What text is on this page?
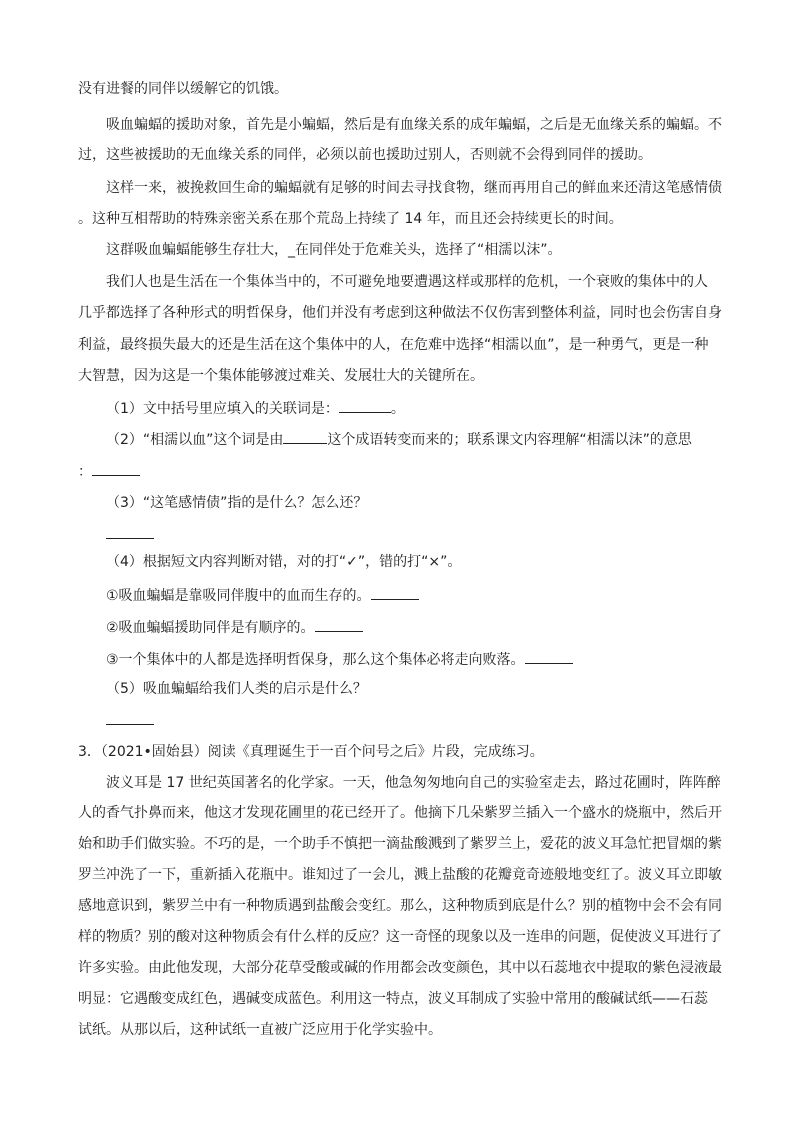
没有进餐的同伴以缓解它的饥饿。
吸血蝙蝠的援助对象，首先是小蝙蝠，然后是有血缘关系的成年蝙蝠，之后是无血缘关系的蝙蝠。不
过，这些被援助的无血缘关系的同伴，必须以前也援助过别人，否则就不会得到同伴的援助。
这样一来，被挽救回生命的蝙蝠就有足够的时间去寻找食物，继而再用自己的鲜血来还清这笔感情债
。这种互相帮助的特殊亲密关系在那个荒岛上持续了 14 年，而且还会持续更长的时间。
这群吸血蝙蝠能够生存壮大，_在同伴处于危难关头，选择了“相濡以沫”。
我们人也是生活在一个集体当中的，不可避免地要遭遇这样或那样的危机，一个衰败的集体中的人
几乎都选择了各种形式的明哲保身，他们并没有考虑到这种做法不仅伤害到整体利益，同时也会伤害自身
利益，最终损失最大的还是生活在这个集体中的人，在危难中选择“相濡以血”，是一种勇气，更是一种
大智慧，因为这是一个集体能够渡过难关、发展壮大的关键所在。
（1）文中括号里应填入的关联词是：	。
（2）“相濡以血”这个词是由	这个成语转变而来的；联系课文内容理解“相濡以沫”的意思
：
（3）“这笔感情债”指的是什么？怎么还？
（4）根据短文内容判断对错，对的打“✓”，错的打“×”。
①吸血蝙蝠是靠吸同伴腹中的血而生存的。
②吸血蝙蝠援助同伴是有顺序的。
③一个集体中的人都是选择明哲保身，那么这个集体必将走向败落。
（5）吸血蝙蝠给我们人类的启示是什么？
3．（2021•固始县）阅读《真理诞生于一百个问号之后》片段，完成练习。
波义耳是 17 世纪英国著名的化学家。一天，他急匆匆地向自己的实验室走去，路过花圃时，阵阵醉
人的香气扑鼻而来，他这才发现花圃里的花已经开了。他摘下几朵紫罗兰插入一个盛水的烧瓶中，然后开
始和助手们做实验。不巧的是，一个助手不慎把一滴盐酸溅到了紫罗兰上，爱花的波义耳急忙把冒烟的紫
罗兰冲洗了一下，重新插入花瓶中。谁知过了一会儿，溅上盐酸的花瓣竟奇迹般地变红了。波义耳立即敏
感地意识到，紫罗兰中有一种物质遇到盐酸会变红。那么，这种物质到底是什么？别的植物中会不会有同
样的物质？别的酸对这种物质会有什么样的反应？这一奇怪的现象以及一连串的问题，促使波义耳进行了
许多实验。由此他发现，大部分花草受酸或碱的作用都会改变颜色，其中以石蕊地衣中提取的紫色浸液最
明显：它遇酸变成红色，遇碱变成蓝色。利用这一特点，波义耳制成了实验中常用的酸碱试纸——石蕊
试纸。从那以后，这种试纸一直被广泛应用于化学实验中。
